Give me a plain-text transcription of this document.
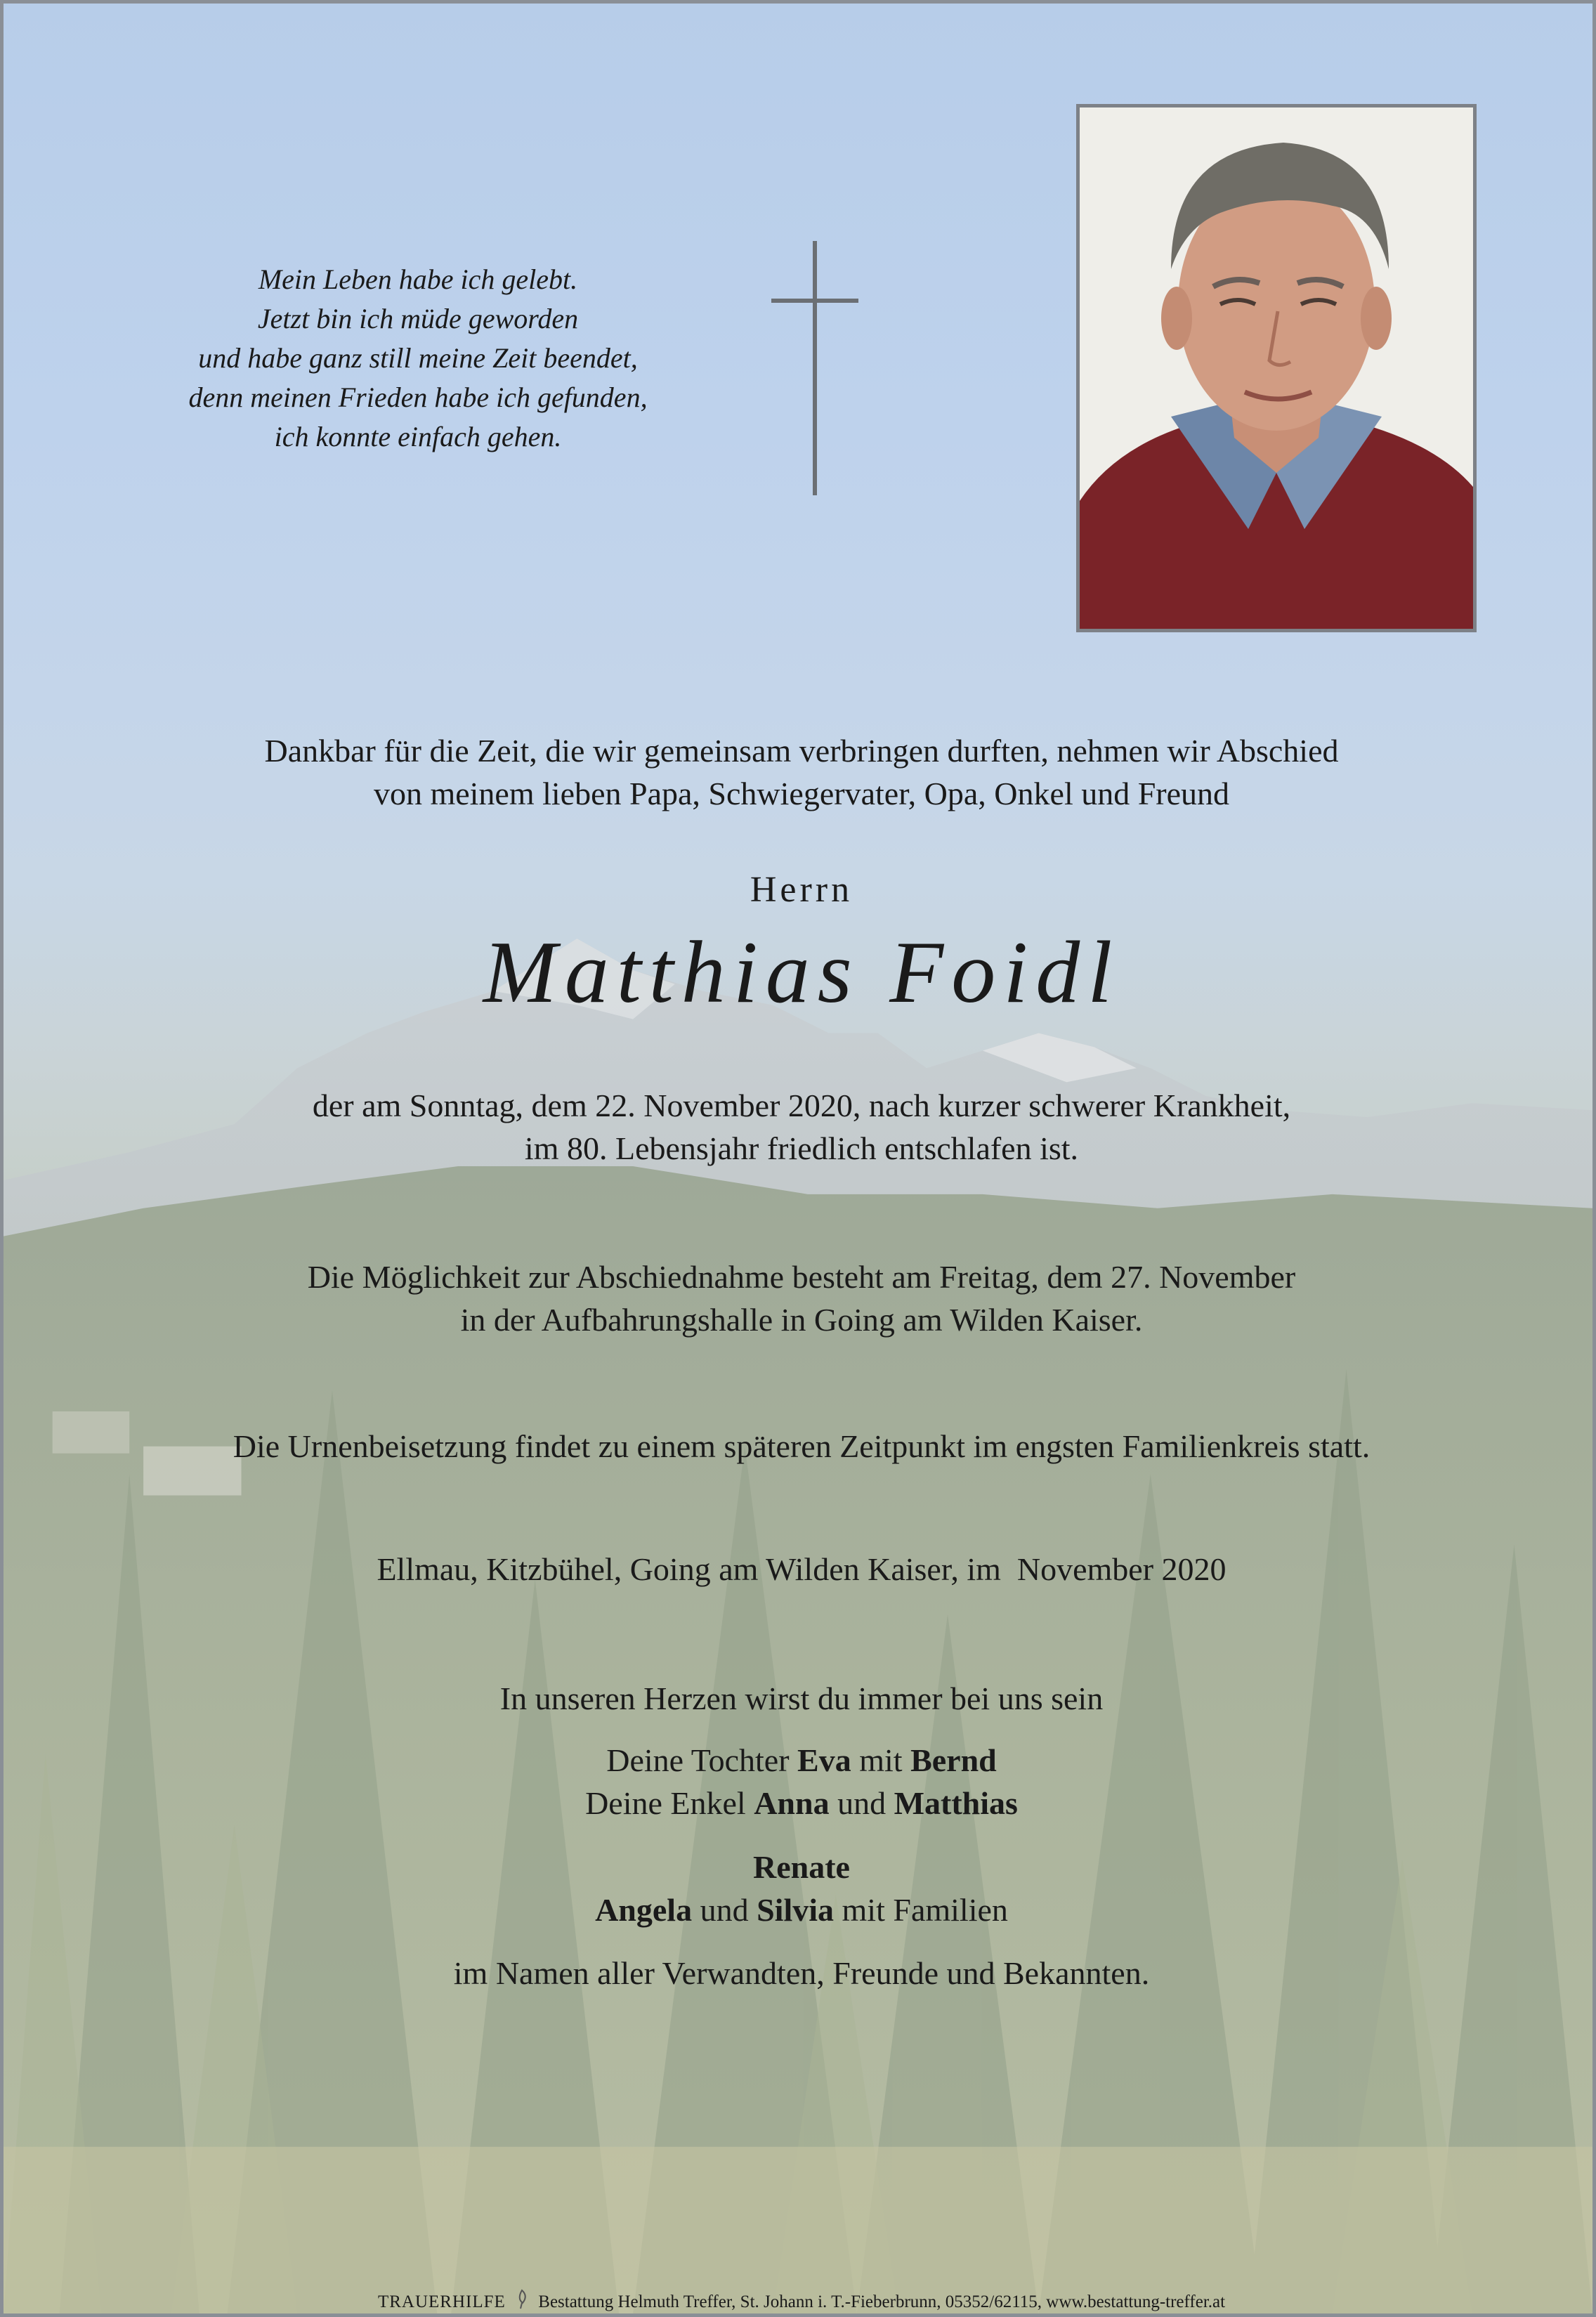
Mein Leben habe ich gelebt.
Jetzt bin ich müde geworden
und habe ganz still meine Zeit beendet,
denn meinen Frieden habe ich gefunden,
ich konnte einfach gehen.
Dankbar für die Zeit, die wir gemeinsam verbringen durften, nehmen wir Abschied
von meinem lieben Papa, Schwiegervater, Opa, Onkel und Freund
Herrn
Matthias Foidl
der am Sonntag, dem 22. November 2020, nach kurzer schwerer Krankheit,
im 80. Lebensjahr friedlich entschlafen ist.
Die Möglichkeit zur Abschiednahme besteht am Freitag, dem 27. November
in der Aufbahrungshalle in Going am Wilden Kaiser.
Die Urnenbeisetzung findet zu einem späteren Zeitpunkt im engsten Familienkreis statt.
Ellmau, Kitzbühel, Going am Wilden Kaiser, im  November 2020
In unseren Herzen wirst du immer bei uns sein
Deine Tochter Eva mit Bernd
Deine Enkel Anna und Matthias
Renate
Angela und Silvia mit Familien
im Namen aller Verwandten, Freunde und Bekannten.
TRAUERHILFE Bestattung Helmuth Treffer, St. Johann i. T.-Fieberbrunn, 05352/62115, www.bestattung-treffer.at
